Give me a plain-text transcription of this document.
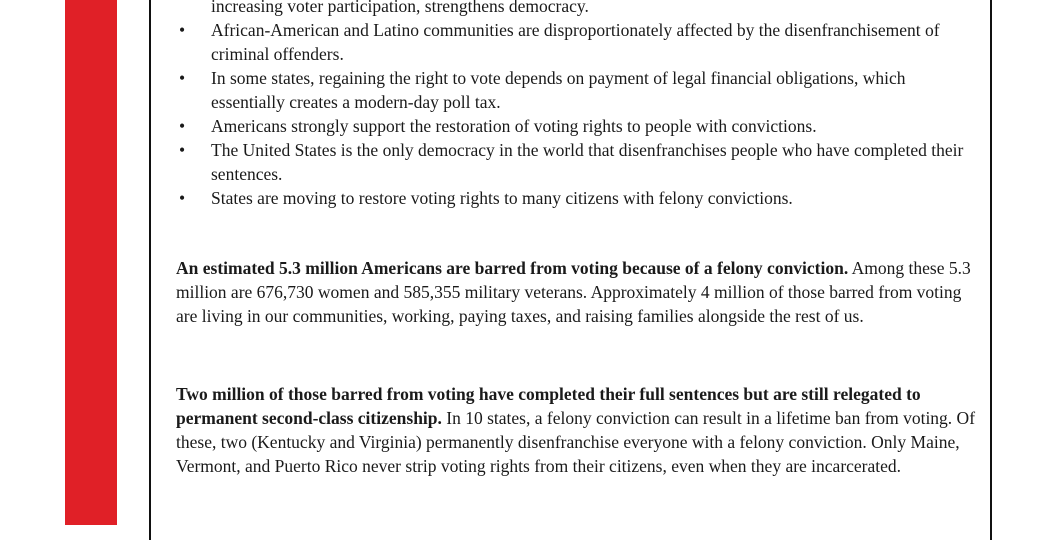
BRENNAN CENTER
increasing voter participation, strengthens democracy.
• African-American and Latino communities are disproportionately affected by the disenfranchisement of criminal offenders.
• In some states, regaining the right to vote depends on payment of legal financial obligations, which essentially creates a modern-day poll tax.
• Americans strongly support the restoration of voting rights to people with convictions.
• The United States is the only democracy in the world that disenfranchises people who have completed their sentences.
• States are moving to restore voting rights to many citizens with felony convictions.

An estimated 5.3 million Americans are barred from voting because of a felony conviction. Among these 5.3 million are 676,730 women and 585,355 military veterans. Approximately 4 million of those barred from voting are living in our communities, working, paying taxes, and raising families alongside the rest of us.

Two million of those barred from voting have completed their full sentences but are still relegated to permanent second-class citizenship. In 10 states, a felony conviction can result in a lifetime ban from voting. Of these, two (Kentucky and Virginia) permanently disenfranchise everyone with a felony conviction. Only Maine, Vermont, and Puerto Rico never strip voting rights from their citizens, even when they are incarcerated.
